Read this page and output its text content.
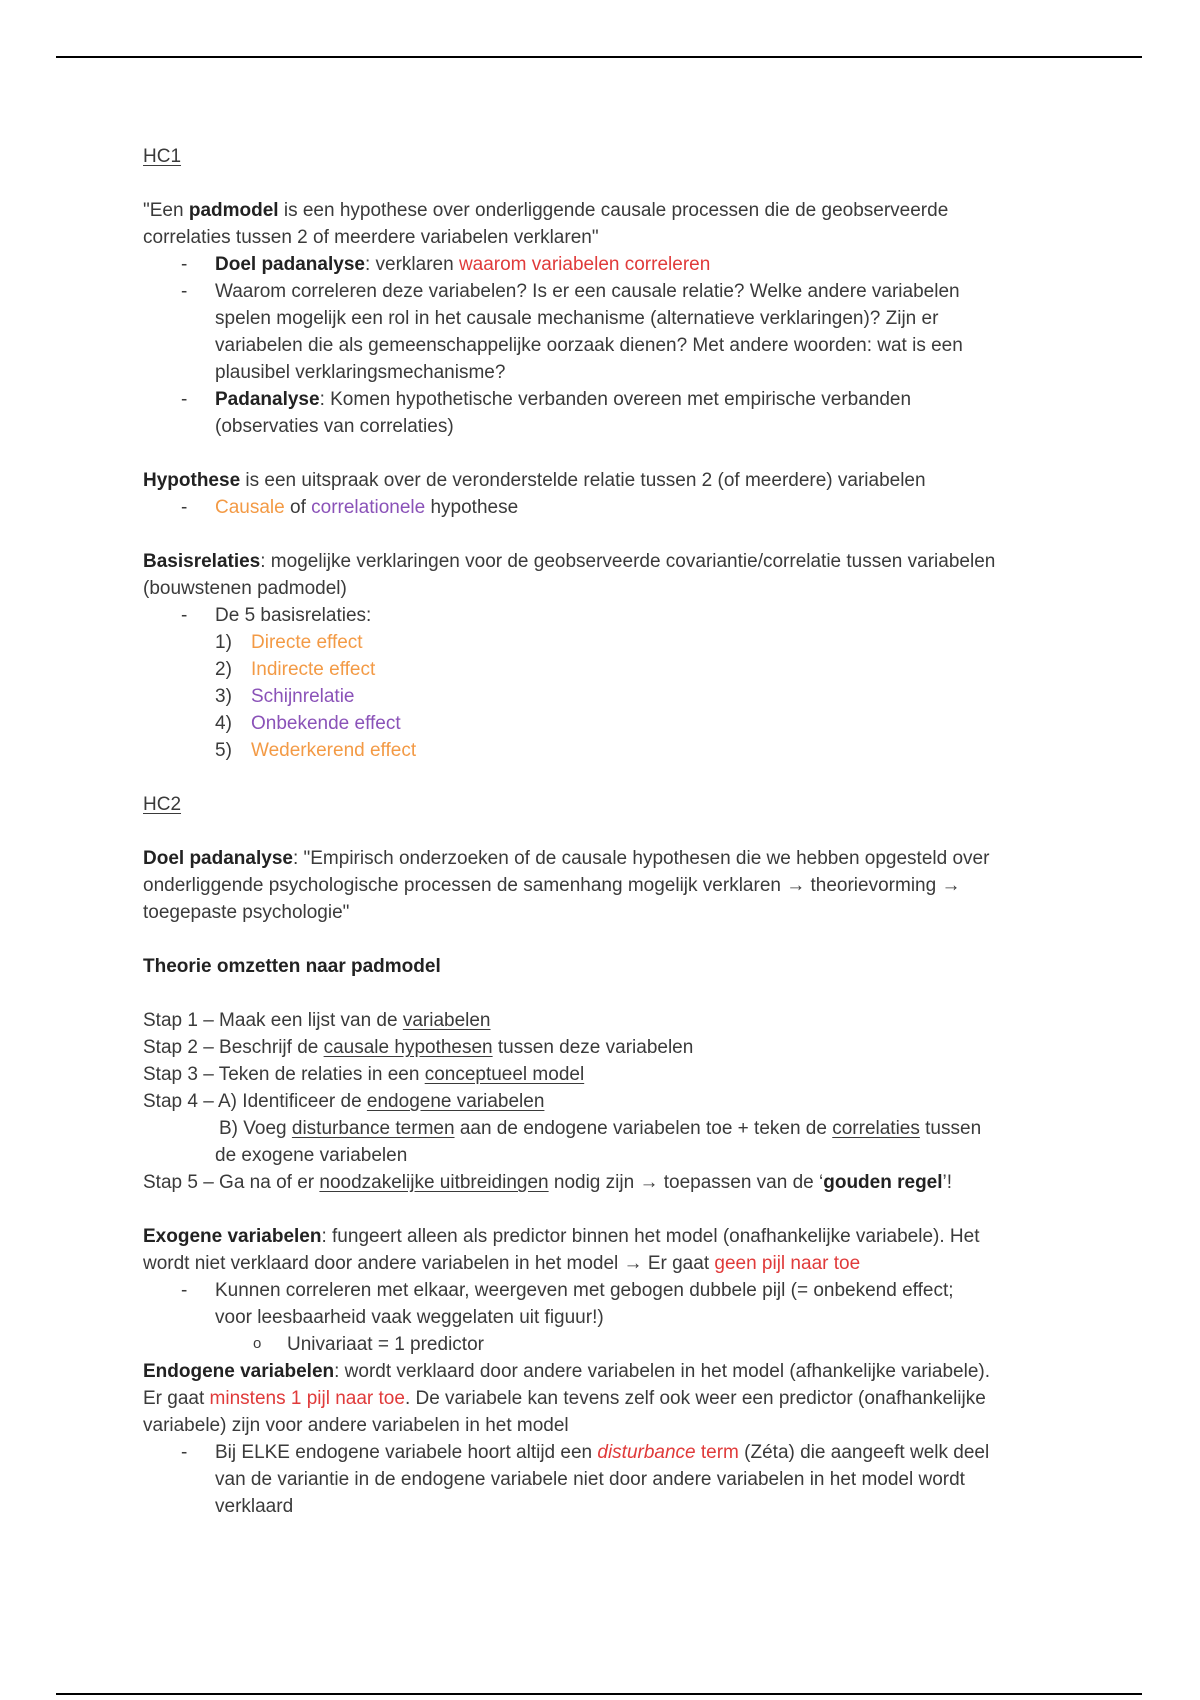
HC1

"Een padmodel is een hypothese over onderliggende causale processen die de geobserveerde

correlaties tussen 2 of meerdere variabelen verklaren"

- Doel padanalyse: verklaren waarom variabelen correleren

- Waarom correleren deze variabelen? Is er een causale relatie? Welke andere variabelen

spelen mogelijk een rol in het causale mechanisme (alternatieve verklaringen)? Zijn er

variabelen die als gemeenschappelijke oorzaak dienen? Met andere woorden: wat is een

plausibel verklaringsmechanisme?

- Padanalyse: Komen hypothetische verbanden overeen met empirische verbanden

(observaties van correlaties)

Hypothese is een uitspraak over de veronderstelde relatie tussen 2 (of meerdere) variabelen

- Causale of correlationele hypothese

Basisrelaties: mogelijke verklaringen voor de geobserveerde covariantie/correlatie tussen variabelen

(bouwstenen padmodel)

- De 5 basisrelaties:

1) Directe effect

2) Indirecte effect

3) Schijnrelatie

4) Onbekende effect

5) Wederkerend effect

HC2

Doel padanalyse: "Empirisch onderzoeken of de causale hypothesen die we hebben opgesteld over

onderliggende psychologische processen de samenhang mogelijk verklaren → theorievorming →

toegepaste psychologie"

Theorie omzetten naar padmodel

Stap 1 – Maak een lijst van de variabelen

Stap 2 – Beschrijf de causale hypothesen tussen deze variabelen

Stap 3 – Teken de relaties in een conceptueel model

Stap 4 – A) Identificeer de endogene variabelen

B) Voeg disturbance termen aan de endogene variabelen toe + teken de correlaties tussen

de exogene variabelen

Stap 5 – Ga na of er noodzakelijke uitbreidingen nodig zijn → toepassen van de ‘gouden regel’!

Exogene variabelen: fungeert alleen als predictor binnen het model (onafhankelijke variabele). Het

wordt niet verklaard door andere variabelen in het model → Er gaat geen pijl naar toe

- Kunnen correleren met elkaar, weergeven met gebogen dubbele pijl (= onbekend effect;

voor leesbaarheid vaak weggelaten uit figuur!)

o Univariaat = 1 predictor

Endogene variabelen: wordt verklaard door andere variabelen in het model (afhankelijke variabele).

Er gaat minstens 1 pijl naar toe. De variabele kan tevens zelf ook weer een predictor (onafhankelijke

variabele) zijn voor andere variabelen in het model

- Bij ELKE endogene variabele hoort altijd een disturbance term (Zéta) die aangeeft welk deel

van de variantie in de endogene variabele niet door andere variabelen in het model wordt

verklaard
